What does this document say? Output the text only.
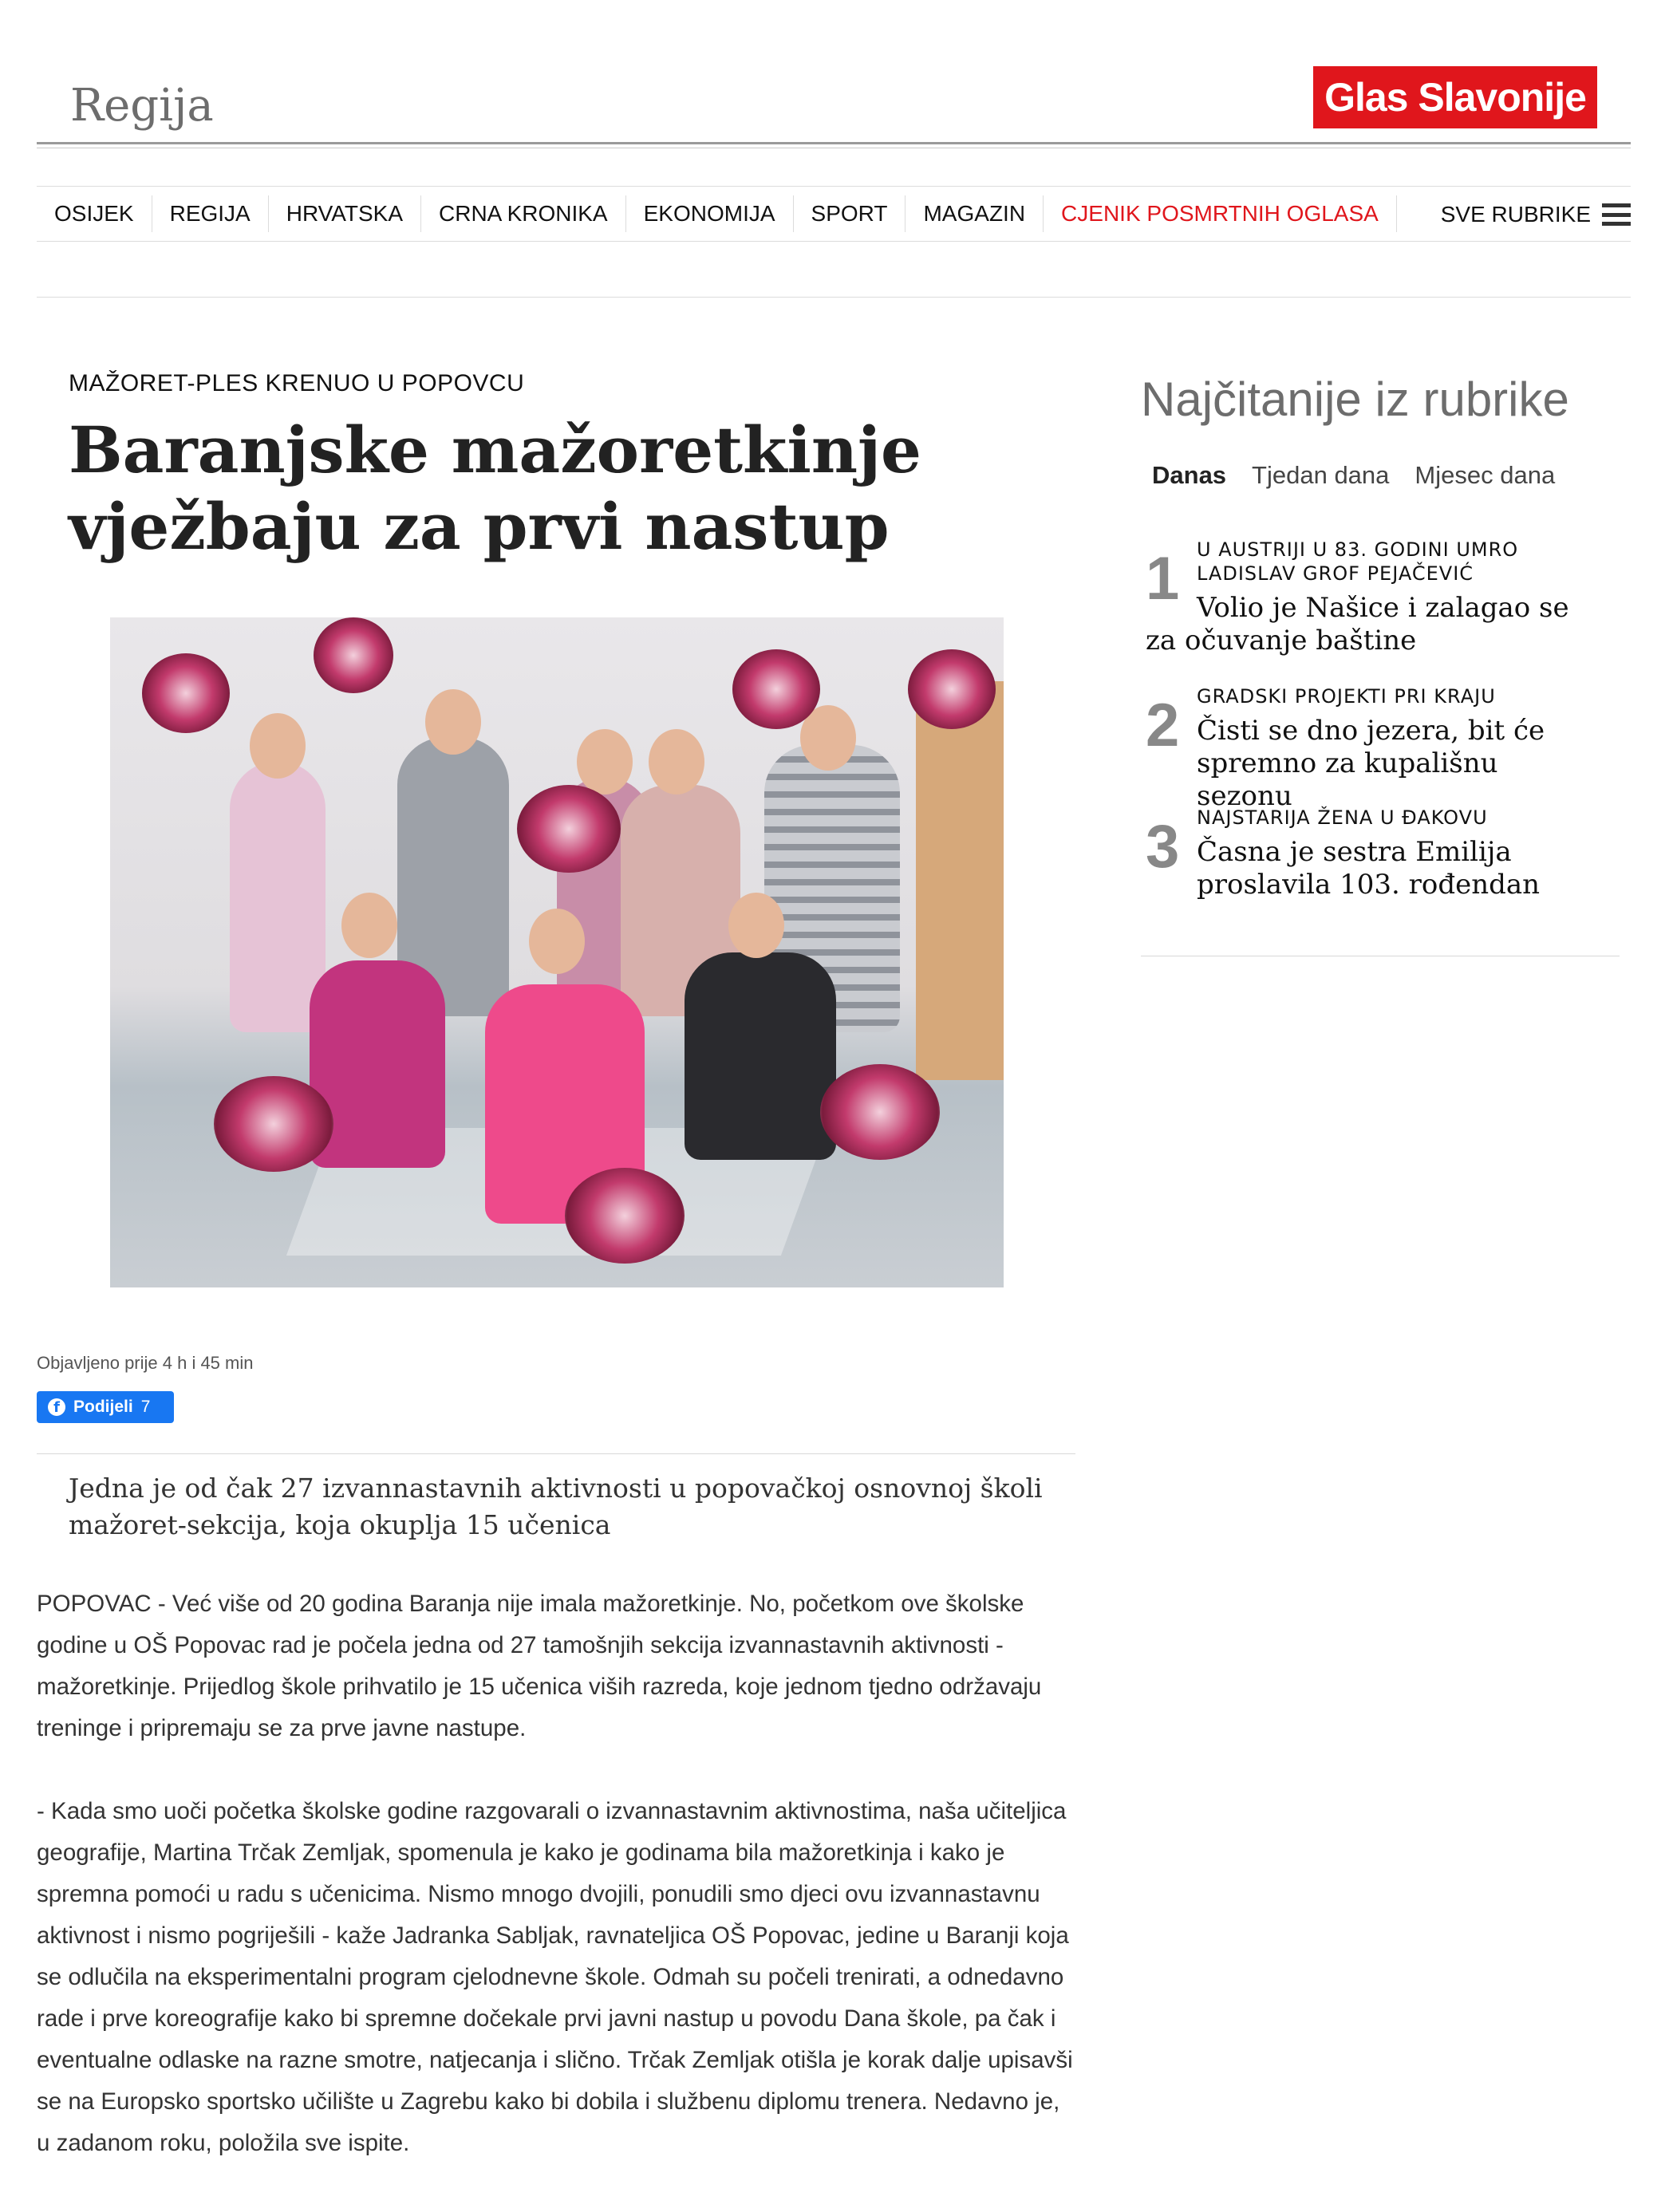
Regija	Glas Slavonije
OSIJEK	REGIJA	HRVATSKA	CRNA KRONIKA	EKONOMIJA	SPORT	MAGAZIN	CJENIK POSMRTNIH OGLASA	SVE RUBRIKE
MAŽORET-PLES KRENUO U POPOVCU
Baranjske mažoretkinje vježbaju za prvi nastup
Objavljeno prije 4 h i 45 min
f Podijeli 7
Jedna je od čak 27 izvannastavnih aktivnosti u popovačkoj osnovnoj školi mažoret-sekcija, koja okuplja 15 učenica

POPOVAC - Već više od 20 godina Baranja nije imala mažoretkinje. No, početkom ove školske godine u OŠ Popovac rad je počela jedna od 27 tamošnjih sekcija izvannastavnih aktivnosti - mažoretkinje. Prijedlog škole prihvatilo je 15 učenica viših razreda, koje jednom tjedno održavaju treninge i pripremaju se za prve javne nastupe.

- Kada smo uoči početka školske godine razgovarali o izvannastavnim aktivnostima, naša učiteljica geografije, Martina Trčak Zemljak, spomenula je kako je godinama bila mažoretkinja i kako je spremna pomoći u radu s učenicima. Nismo mnogo dvojili, ponudili smo djeci ovu izvannastavnu aktivnost i nismo pogriješili - kaže Jadranka Sabljak, ravnateljica OŠ Popovac, jedine u Baranji koja se odlučila na eksperimentalni program cjelodnevne škole. Odmah su počeli trenirati, a odnedavno rade i prve koreografije kako bi spremne dočekale prvi javni nastup u povodu Dana škole, pa čak i eventualne odlaske na razne smotre, natjecanja i slično. Trčak Zemljak otišla je korak dalje upisavši se na Europsko sportsko učilište u Zagrebu kako bi dobila i službenu diplomu trenera. Nedavno je, u zadanom roku, položila sve ispite.

Najčitanije iz rubrike
Danas Tjedan dana Mjesec dana
1 U AUSTRIJI U 83. GODINI UMRO LADISLAV GROF PEJAČEVIĆ
Volio je Našice i zalagao se za očuvanje baštine
2 GRADSKI PROJEKTI PRI KRAJU
Čisti se dno jezera, bit će spremno za kupališnu sezonu
3 NAJSTARIJA ŽENA U ĐAKOVU
Časna je sestra Emilija proslavila 103. rođendan
